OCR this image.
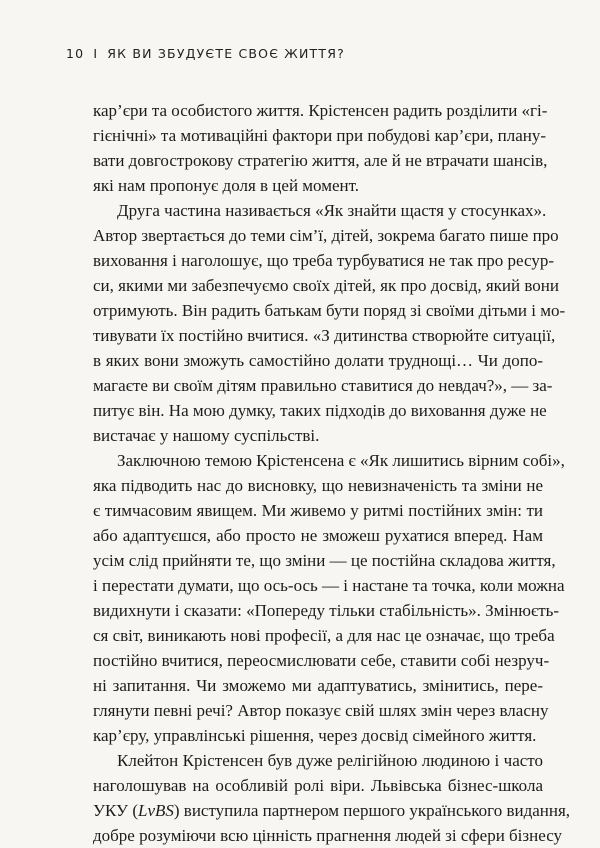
10 I ЯК ВИ ЗБУДУЄТЕ СВОЄ ЖИТТЯ?

кар’єри та особистого життя. Крістенсен радить розділити «гі-
гієнічні» та мотиваційні фактори при побудові кар’єри, плану-
вати довгострокову стратегію життя, але й не втрачати шансів,
які нам пропонує доля в цей момент.

Друга частина називається «Як знайти щастя у стосунках».
Автор звертається до теми сім’ї, дітей, зокрема багато пише про
виховання і наголошує, що треба турбуватися не так про ресур-
си, якими ми забезпечуємо своїх дітей, як про досвід, який вони
отримують. Він радить батькам бути поряд зі своїми дітьми і мо-
тивувати їх постійно вчитися. «З дитинства створюйте ситуації,
в яких вони зможуть самостійно долати труднощі… Чи допо-
магаєте ви своїм дітям правильно ставитися до невдач?», — за-
питує він. На мою думку, таких підходів до виховання дуже не
вистачає у нашому суспільстві.

Заключною темою Крістенсена є «Як лишитись вірним собі»,
яка підводить нас до висновку, що невизначеність та зміни не
є тимчасовим явищем. Ми живемо у ритмі постійних змін: ти
або адаптуєшся, або просто не зможеш рухатися вперед. Нам
усім слід прийняти те, що зміни — це постійна складова життя,
і перестати думати, що ось-ось — і настане та точка, коли можна
видихнути і сказати: «Попереду тільки стабільність». Змінюєть-
ся світ, виникають нові професії, а для нас це означає, що треба
постійно вчитися, переосмислювати себе, ставити собі незруч-
ні запитання. Чи зможемо ми адаптуватись, змінитись, пере-
глянути певні речі? Автор показує свій шлях змін через власну
кар’єру, управлінські рішення, через досвід сімейного життя.

Клейтон Крістенсен був дуже релігійною людиною і часто
наголошував на особливій ролі віри. Львівська бізнес-школа
УКУ (LvBS) виступила партнером першого українського видання,
добре розуміючи всю цінність прагнення людей зі сфери бізнесу
